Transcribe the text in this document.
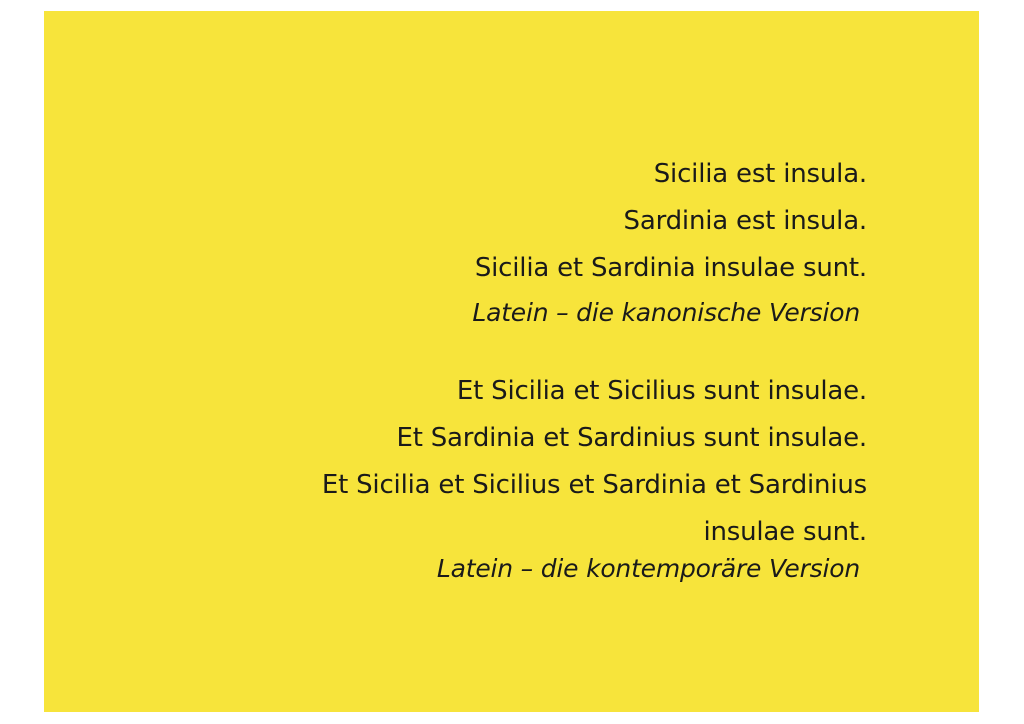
Sicilia est insula.
Sardinia est insula.
Sicilia et Sardinia insulae sunt.
Latein – die kanonische Version
Et Sicilia et Sicilius sunt insulae.
Et Sardinia et Sardinius sunt insulae.
Et Sicilia et Sicilius et Sardinia et Sardinius
insulae sunt.
Latein – die kontemporäre Version
